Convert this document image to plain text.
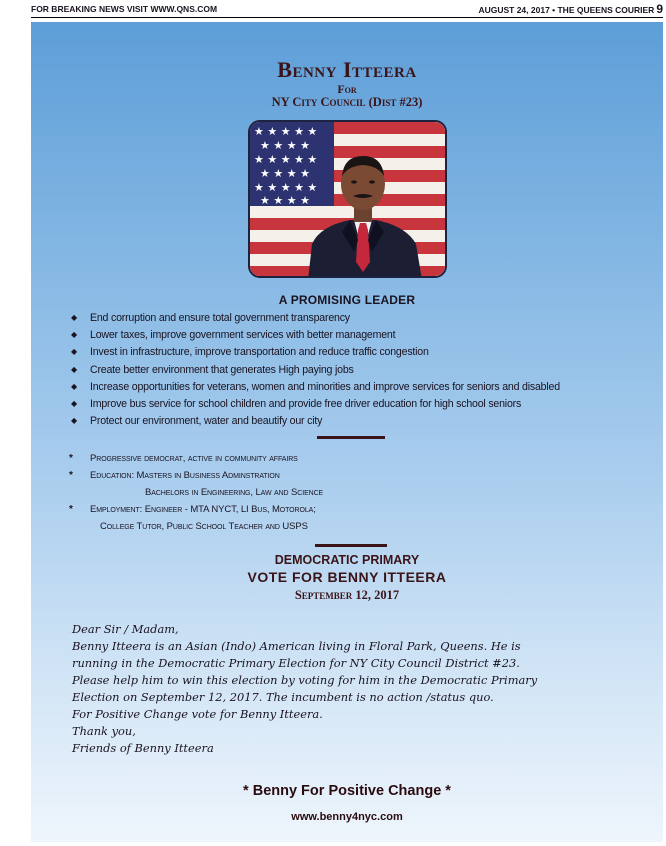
FOR BREAKING NEWS VISIT WWW.QNS.COM	AUGUST 24, 2017 • THE QUEENS COURIER 9
Benny Itteera
For
NY City Council (Dist #23)
★ ★ ★ ★ ★
★ ★ ★ ★
★ ★ ★ ★ ★
★ ★ ★ ★
★ ★ ★ ★ ★
★ ★ ★ ★
A PROMISING LEADER
◆ End corruption and ensure total government transparency
◆ Lower taxes, improve government services with better management
◆ Invest in infrastructure, improve transportation and reduce traffic congestion
◆ Create better environment that generates High paying jobs
◆ Increase opportunities for veterans, women and minorities and improve services for seniors and disabled
◆ Improve bus service for school children and provide free driver education for high school seniors
◆ Protect our environment, water and beautify our city
* Progressive democrat, active in community affairs
* Education: Masters in Business Adminstration
Bachelors in Engineering, Law and Science
* Employment: Engineer - MTA NYCT, LI Bus, Motorola;
College Tutor, Public School Teacher and USPS
DEMOCRATIC PRIMARY
VOTE FOR BENNY ITTEERA
September 12, 2017

Dear Sir / Madam,

Benny Itteera is an Asian (Indo) American living in Floral Park, Queens. He is

running in the Democratic Primary Election for NY City Council District #23.

Please help him to win this election by voting for him in the Democratic Primary

Election on September 12, 2017. The incumbent is no action /status quo.

For Positive Change vote for Benny Itteera.

Thank you,

Friends of Benny Itteera

* Benny For Positive Change *
www.benny4nyc.com
